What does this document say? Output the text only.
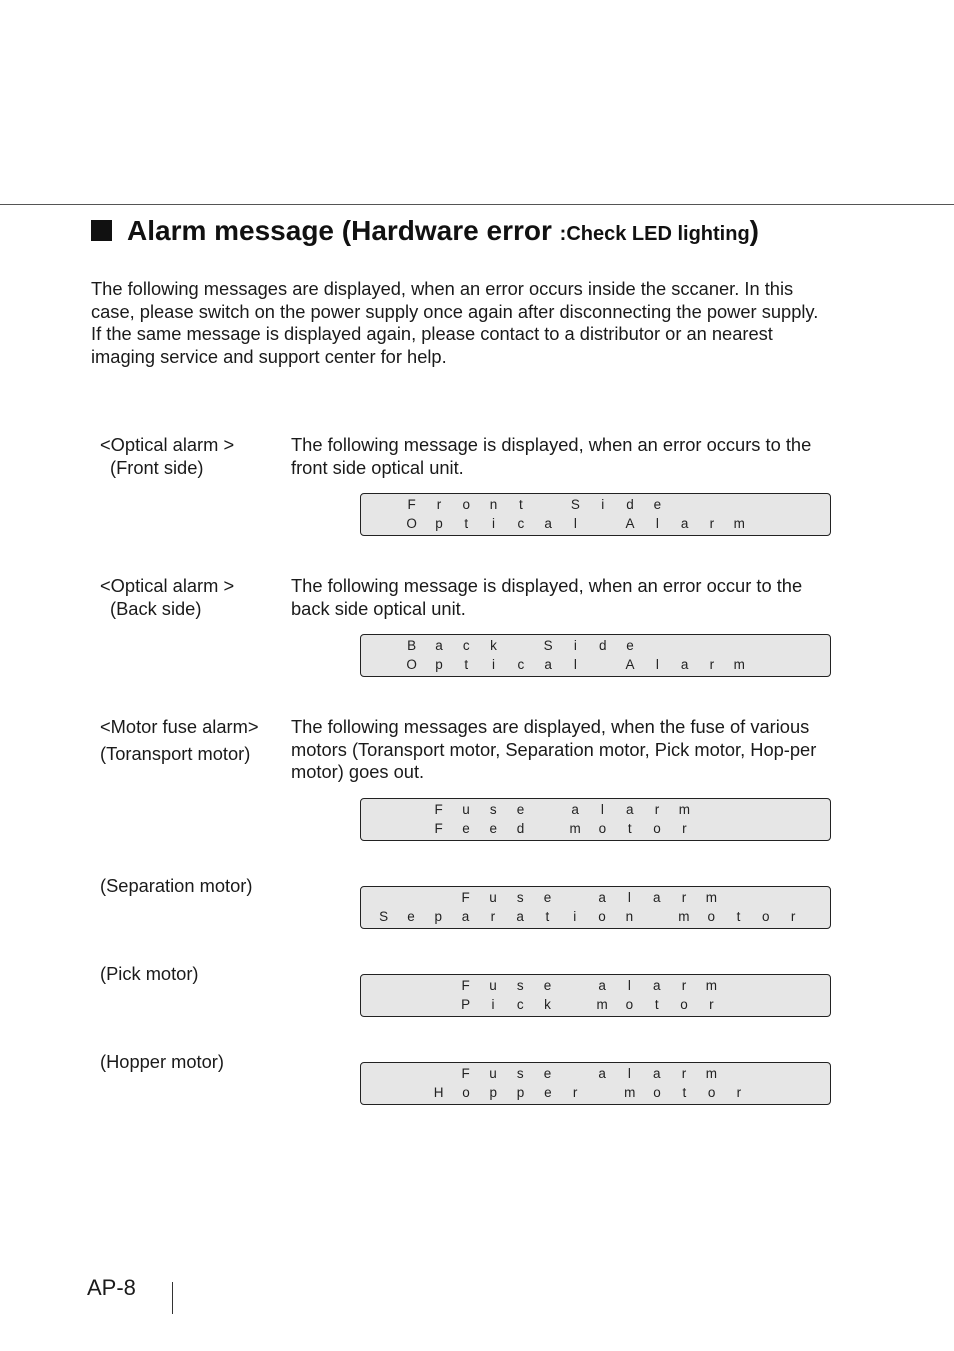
Alarm message (Hardware error :Check LED lighting)

The following messages are displayed, when an error occurs inside the sccaner. In this case, please switch on the power supply once again after disconnecting the power supply.

If the same message is displayed again, please contact to a distributor or an nearest imaging service and support center for help.

<Optical alarm >
(Front side)
The following message is displayed, when an error occurs to the front side optical unit.
F r o n t	S i d e
O p t i c a l	A l a r m
<Optical alarm >
(Back side)
The following message is displayed, when an error occur to the back side optical unit.
B a c k	S i d e
O p t i c a l	A l a r m
<Motor fuse alarm>
(Toransport motor)
The following messages are displayed, when the fuse of various motors (Toransport motor, Separation motor, Pick motor, Hop-per motor) goes out.
F u s e	a l a r m
F e e d	m o t o r
(Separation motor)
F u s e	a l a r m
S e p a r a t i o n	m o t o r
(Pick motor)
F u s e	a l a r m
P i c k	m o t o r
(Hopper motor)
F u s e	a l a r m
H o p p e r	m o t o r
AP-8
